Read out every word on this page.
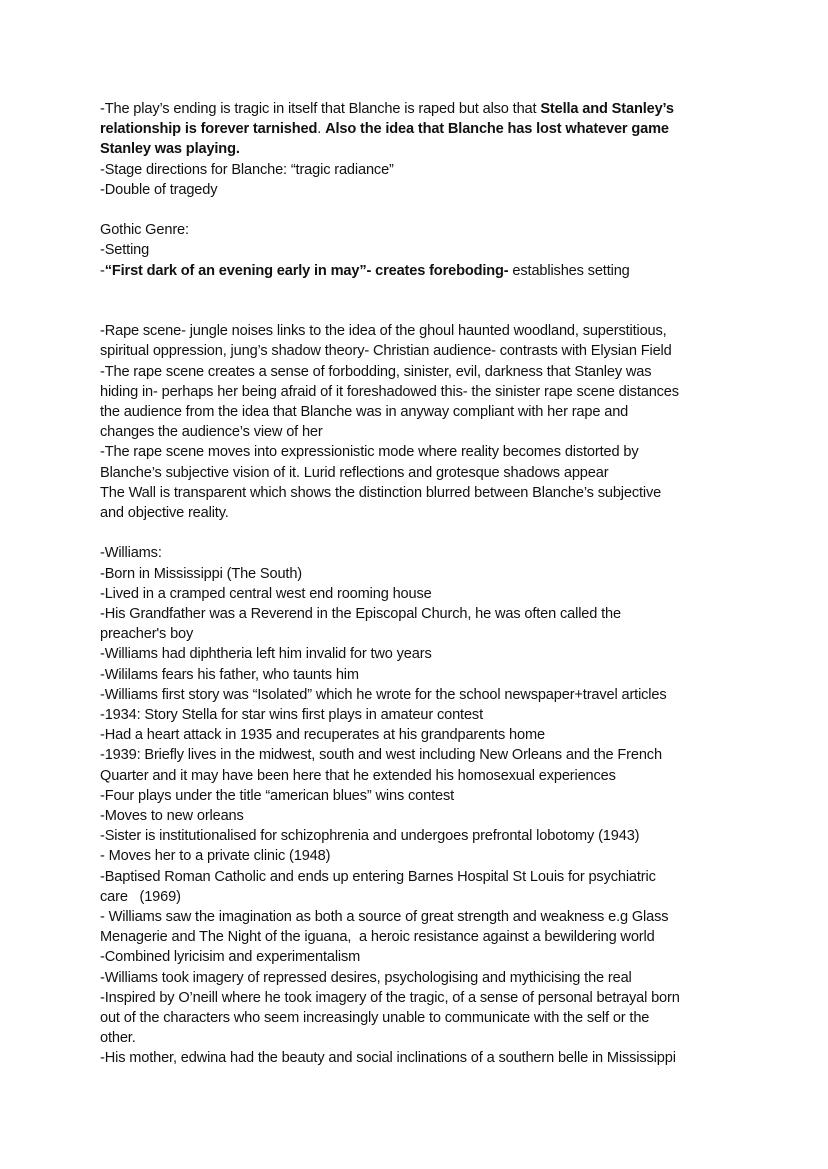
-The play’s ending is tragic in itself that Blanche is raped but also that Stella and Stanley’s
relationship is forever tarnished. Also the idea that Blanche has lost whatever game
Stanley was playing.
-Stage directions for Blanche: “tragic radiance”
-Double of tragedy
Gothic Genre:
-Setting
-“First dark of an evening early in may”- creates foreboding- establishes setting
-Rape scene- jungle noises links to the idea of the ghoul haunted woodland, superstitious,
spiritual oppression, jung’s shadow theory- Christian audience- contrasts with Elysian Field
-The rape scene creates a sense of forbodding, sinister, evil, darkness that Stanley was
hiding in- perhaps her being afraid of it foreshadowed this- the sinister rape scene distances
the audience from the idea that Blanche was in anyway compliant with her rape and
changes the audience’s view of her
-The rape scene moves into expressionistic mode where reality becomes distorted by
Blanche’s subjective vision of it. Lurid reflections and grotesque shadows appear
The Wall is transparent which shows the distinction blurred between Blanche’s subjective
and objective reality.
-Williams:
-Born in Mississippi (The South)
-Lived in a cramped central west end rooming house
-His Grandfather was a Reverend in the Episcopal Church, he was often called the
preacher's boy
-Williams had diphtheria left him invalid for two years
-Wililams fears his father, who taunts him
-Williams first story was “Isolated” which he wrote for the school newspaper+travel articles
-1934: Story Stella for star wins first plays in amateur contest
-Had a heart attack in 1935 and recuperates at his grandparents home
-1939: Briefly lives in the midwest, south and west including New Orleans and the French
Quarter and it may have been here that he extended his homosexual experiences
-Four plays under the title “american blues” wins contest
-Moves to new orleans
-Sister is institutionalised for schizophrenia and undergoes prefrontal lobotomy (1943)
- Moves her to a private clinic (1948)
-Baptised Roman Catholic and ends up entering Barnes Hospital St Louis for psychiatric
care   (1969)
- Williams saw the imagination as both a source of great strength and weakness e.g Glass
Menagerie and The Night of the iguana,  a heroic resistance against a bewildering world
-Combined lyricisim and experimentalism
-Williams took imagery of repressed desires, psychologising and mythicising the real
-Inspired by O’neill where he took imagery of the tragic, of a sense of personal betrayal born
out of the characters who seem increasingly unable to communicate with the self or the
other.
-His mother, edwina had the beauty and social inclinations of a southern belle in Mississippi
